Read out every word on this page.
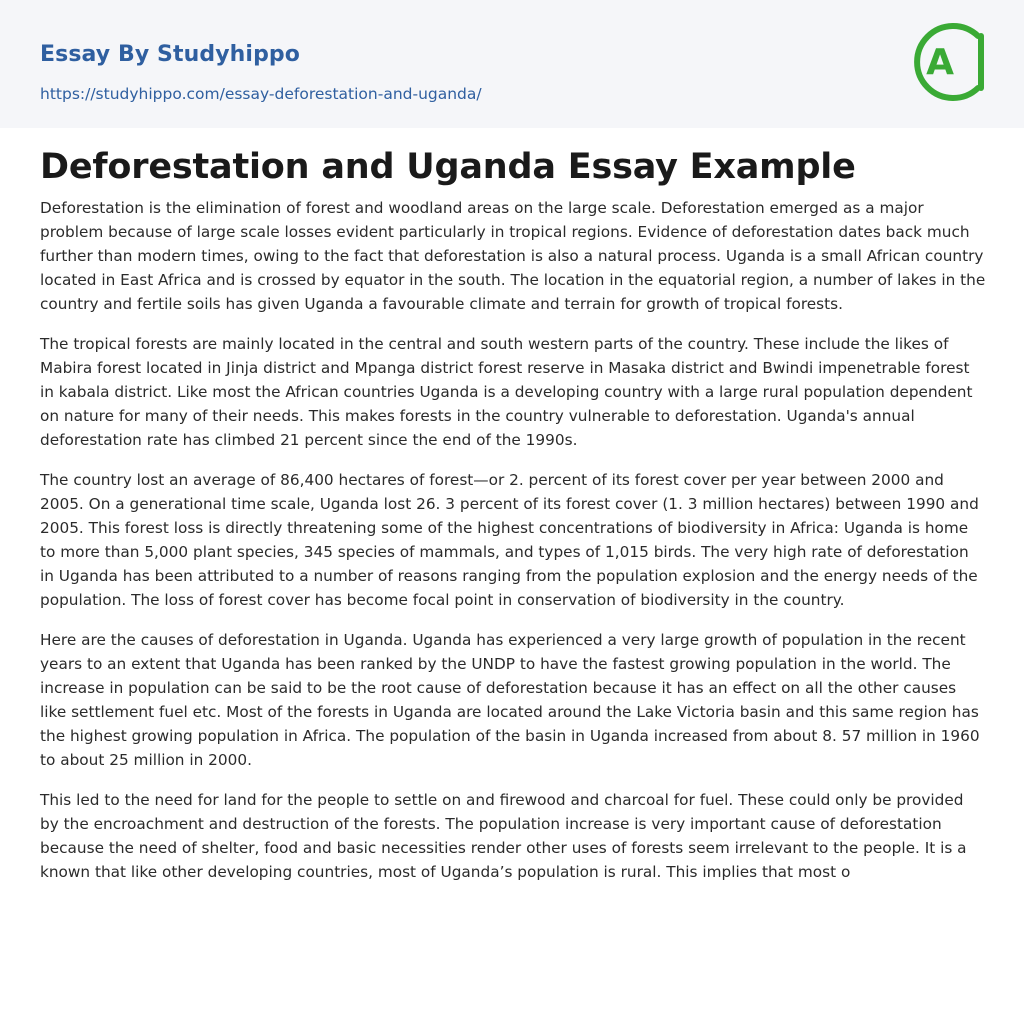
Essay By Studyhippo
https://studyhippo.com/essay-deforestation-and-uganda/
A
Deforestation and Uganda Essay Example

Deforestation is the elimination of forest and woodland areas on the large scale. Deforestation emerged as a major problem because of large scale losses evident particularly in tropical regions. Evidence of deforestation dates back much further than modern times, owing to the fact that deforestation is also a natural process. Uganda is a small African country located in East Africa and is crossed by equator in the south. The location in the equatorial region, a number of lakes in the country and fertile soils has given Uganda a favourable climate and terrain for growth of tropical forests.

The tropical forests are mainly located in the central and south western parts of the country. These include the likes of Mabira forest located in Jinja district and Mpanga district forest reserve in Masaka district and Bwindi impenetrable forest in kabala district. Like most the African countries Uganda is a developing country with a large rural population dependent on nature for many of their needs. This makes forests in the country vulnerable to deforestation. Uganda's annual deforestation rate has climbed 21 percent since the end of the 1990s.

The country lost an average of 86,400 hectares of forest—or 2. percent of its forest cover per year between 2000 and 2005. On a generational time scale, Uganda lost 26. 3 percent of its forest cover (1. 3 million hectares) between 1990 and 2005. This forest loss is directly threatening some of the highest concentrations of biodiversity in Africa: Uganda is home to more than 5,000 plant species, 345 species of mammals, and types of 1,015 birds. The very high rate of deforestation in Uganda has been attributed to a number of reasons ranging from the population explosion and the energy needs of the population. The loss of forest cover has become focal point in conservation of biodiversity in the country.

Here are the causes of deforestation in Uganda. Uganda has experienced a very large growth of population in the recent years to an extent that Uganda has been ranked by the UNDP to have the fastest growing population in the world. The increase in population can be said to be the root cause of deforestation because it has an effect on all the other causes like settlement fuel etc. Most of the forests in Uganda are located around the Lake Victoria basin and this same region has the highest growing population in Africa. The population of the basin in Uganda increased from about 8. 57 million in 1960 to about 25 million in 2000.

This led to the need for land for the people to settle on and firewood and charcoal for fuel. These could only be provided by the encroachment and destruction of the forests. The population increase is very important cause of deforestation because the need of shelter, food and basic necessities render other uses of forests seem irrelevant to the people. It is a known that like other developing countries, most of Uganda’s population is rural. This implies that most o
